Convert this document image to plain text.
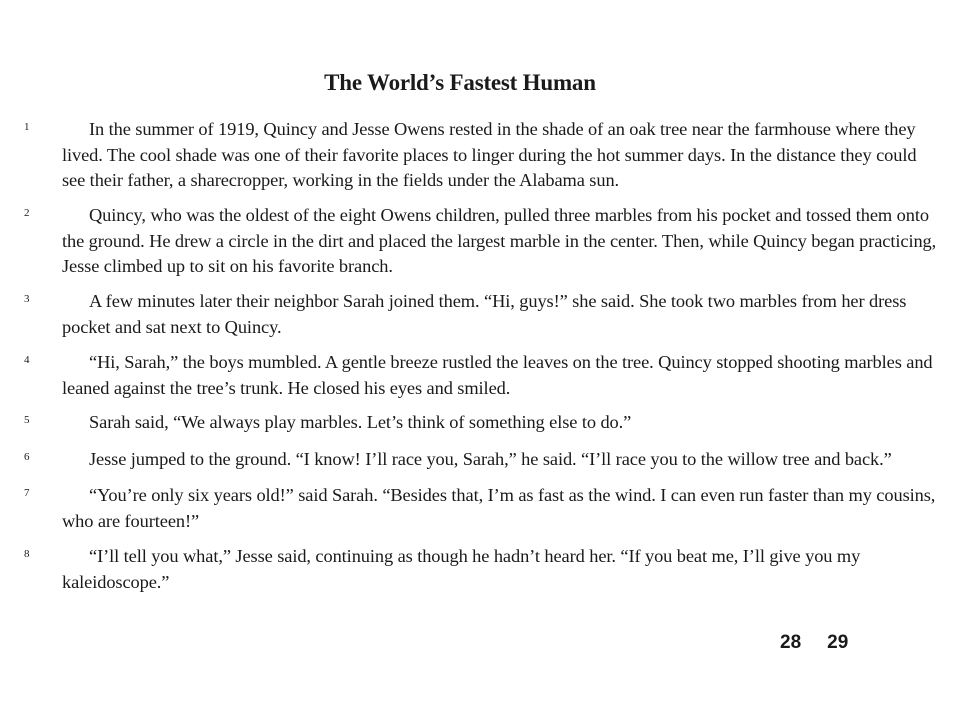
The World’s Fastest Human
1	In the summer of 1919, Quincy and Jesse Owens rested in the shade of an oak tree near the farmhouse where they lived. The cool shade was one of their favorite places to linger during the hot summer days. In the distance they could see their father, a sharecropper, working in the fields under the Alabama sun.
2	Quincy, who was the oldest of the eight Owens children, pulled three marbles from his pocket and tossed them onto the ground. He drew a circle in the dirt and placed the largest marble in the center. Then, while Quincy began practicing, Jesse climbed up to sit on his favorite branch.
3	A few minutes later their neighbor Sarah joined them. “Hi, guys!” she said. She took two marbles from her dress pocket and sat next to Quincy.
4	“Hi, Sarah,” the boys mumbled. A gentle breeze rustled the leaves on the tree. Quincy stopped shooting marbles and leaned against the tree’s trunk. He closed his eyes and smiled.
5	Sarah said, “We always play marbles. Let’s think of something else to do.”
6	Jesse jumped to the ground. “I know! I’ll race you, Sarah,” he said. “I’ll race you to the willow tree and back.”
7	“You’re only six years old!” said Sarah. “Besides that, I’m as fast as the wind. I can even run faster than my cousins, who are fourteen!”
8	“I’ll tell you what,” Jesse said, continuing as though he hadn’t heard her. “If you beat me, I’ll give you my kaleidoscope.”
28 29
